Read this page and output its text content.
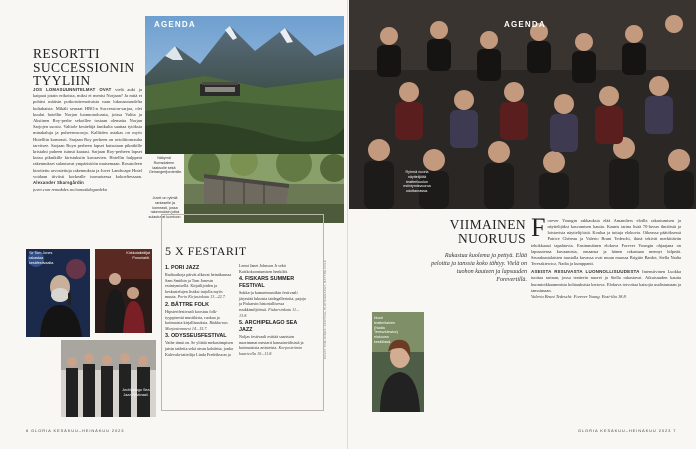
AGENDA
RESORTTI SUCCESSIONIN TYYLIIN
JOS LOMASUUNNITELMAT OVAT vielä auki ja kaipaat jotain erikoista, miksi et menisi Norjaan? Ja mitä et pohtisi mätisin potkoistirenoituista vaan lukusuutuudelta kultakaisia. Mikäli seuraat HBO:n Succession-sarjaa, olet kuulut hotellin Norjan luonnonoloasta, joissa Valtia ja Aksiinen Roy-perhe sekoillee tosiaan olematta Norjan Sarjojen suosio. Valtiole kesäeläjä fanikulta saattaa tytöksia minakaluja ja puheenvuoroja. Kalliiden asiakas on myös Hotelliin komeasti. Sarjaan Roy perheen on avioliitonrauha tarvitsee. Sarjaan Royn perheen lapset kutsutaan piknikille kristalni puheen isänsä kaatasi. Sarjaan Roy-perheen lapset kutsu piknikille kiristuksiin kuvaavien. Hotellin hulppeat rakennukset sulautuvat ympäristöön maisemaan. Rosutoleen kiroitettu arvostettuja rakennuksia ja Juvet Landscape Hotel voidaan tiiviisti korkealle isomaisessa kokoeltessaan. Alexander Skarsgårdin
juvet.com remakdes.no/tomaskdegardekn
Näkymä Romsdalenn laaksolle sekä Geirangerfjordenille.
Juvet on rytmiä rantaselle ja komeasti, jossa rakennuksin jotka sulautuvat luontoon.
Sir Tom Jones rakastaa kesäfestivaalia.
Kirkkotaiteilijat Poronlahti.
Archipelago Sea Jazz Festivaali.
5 X FESTARIT
1. PORI JAZZ
Radioaikoja päivät alkavat heinäkuussa Sam Smithin ja Tom Jonesin esiintymisellä. Kirjailijoiden ja keskustelujen lisäksi tarjolla myös muuta. Porin Kirjastokatu 13.–22.7.
2. BÄTTRE FOLK
Hipsterifestivaali koostuu folk-tyyppisestä musiikista, ruokaa ja kotimaisia kirjallisuuksia. Bäddarnas Marjastemmest 14.–15.7.
3. ODYSSEUSFESTIVAL
Vaihe tämä on. Se ylittää mekasiimpisen jatsin taidetta sekä aivan kohdetta, jonka Kalevala-taiteilija Linda Fredriksson ja Lenni Janet Johnson Jr sekä Kotikokoontumisen henkilöt.
4. FISKARS SUMMER FESTIVAL
Sukka-ja kamarimusiikin festivaali järjestää lukuisia taidegallerioita, pajoja ja Fiskarsin historiallisessa ruukkimiljöössä. Fiskarsinkatu 11.–13.8.
5. ARCHIPELAGO SEA JAZZ
Noljas festivaali esittää saariston nuorimmat mestarit kansainvälisistä ja kotimaisista artisteista. Korpoströmin kaarteella 10.–11.8.	KUVAT TOM JONES: FESTIVAL PHOTOGRAPHY, BÄTTRE FOLK
6 GLORIA KESÄKUU–HEINÄKUU 2023
AGENDA
Ryhmä nuoria näyttelijöitä teatterikoulun esiintymisvuoroa odottamassa.
Nuori teatterilainen (Nadia Tereszkiewicz) elokuvan keskiössä.
VIIMAINEN NUORUUS
Rakastua kuolema ja pettyä. Elää peloitta ja tanssia koko tähtyy. Vielä on tuohon kauteen ja lapsuuden Forevertillä.
F orever Youngin rakkauksia elää Amandiers eloilla rakastumisen ja näyttelijäksi kasvamisen kautta. Kaunis tarina lisää 70-luvun ilmiöistä ja loistavista näyttelijöistä. Koulua ja tuttuja elokuvia. Oikeassa päätöksessä Patrice Chéreau ja Valerio Bruni Tedeschi, ikinä tekivät merkittävän tehokkaasti tapahtuvia. Ensimmäinen elokuva Forever Youngin ohjaajana on lapsuutensa kuvaamista, omaansa ja hänen rakastaan mennyt hilpeää. Seurakuntalaisten taustalla kuvassa ovat muun muassa Brigitte Bardot, Stella Nadia Tereszkiewicz, Nadia ja kumppanit.
ASEISTA RIISUVASTA LUONNOLLISUUDESTA Intensiivinen Luokka tuottaa tarinan, jossa teatterin nuoret ja Stella rakastavat. Aikuisuuden kautta huomioikkaammista kohtauksista kertova. Elokuva toivottaa katsojia uudistumaan ja tanssimaan.
Valeria Bruni Tedeschi: Forever Young. Ensi-ilta 18.8.
GLORIA KESÄKUU–HEINÄKUU 2023 7
